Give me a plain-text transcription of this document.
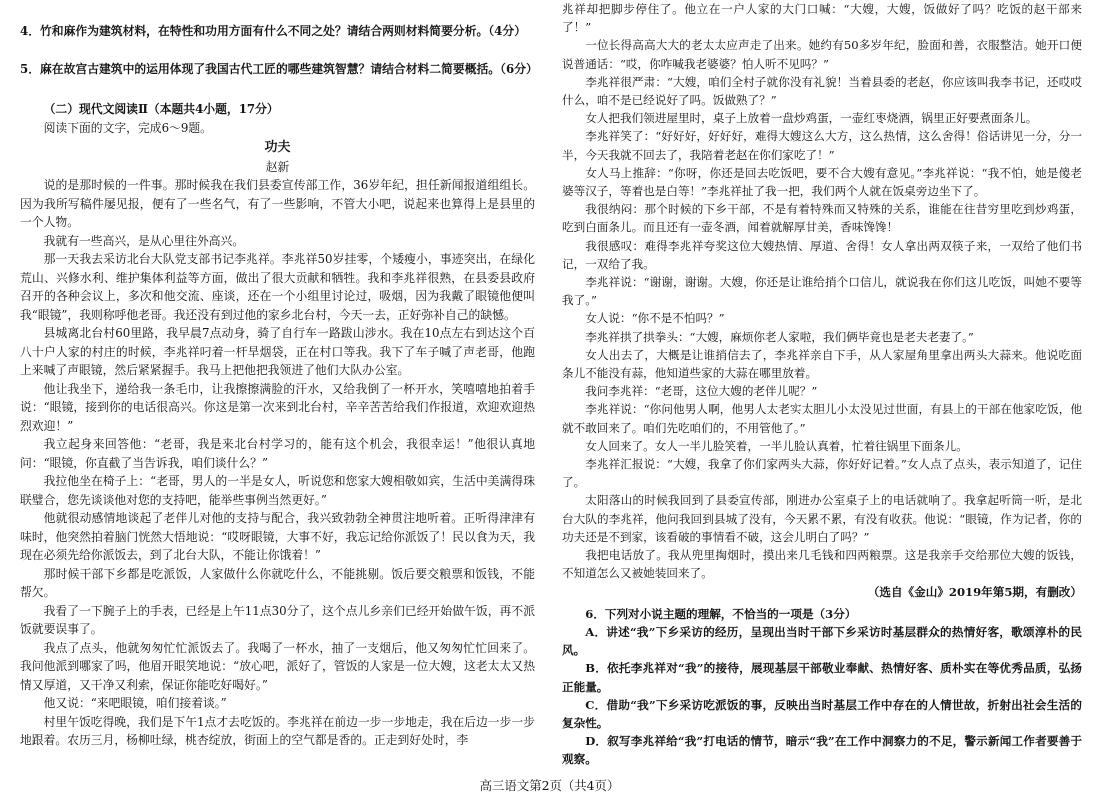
4．竹和麻作为建筑材料，在特性和功用方面有什么不同之处？请结合两则材料简要分析。（4分）

5．麻在故宫古建筑中的运用体现了我国古代工匠的哪些建筑智慧？请结合材料二简要概括。（6分）

（二）现代文阅读Ⅱ（本题共4小题，17分）

阅读下面的文字，完成6～9题。

功夫

赵新

说的是那时候的一件事。那时候我在我们县委宣传部工作，36岁年纪，担任新闻报道组组长。因为我所写稿件屡见报，便有了一些名气，有了一些影响，不管大小吧，说起来也算得上是县里的一个人物。

我就有一些高兴，是从心里往外高兴。

那一天我去采访北台大队党支部书记李兆祥。李兆祥50岁挂零，个矮瘦小，事迹突出，在绿化荒山、兴修水利、维护集体利益等方面，做出了很大贡献和牺牲。我和李兆祥很熟，在县委县政府召开的各种会议上，多次和他交流、座谈，还在一个小组里讨论过，吸烟，因为我戴了眼镜他便叫我“眼镜”，我则称呼他老哥。我还没有到过他的家乡北台村，今天一去，正好弥补自己的缺憾。

县城离北台村60里路，我早晨7点动身，骑了自行车一路跋山涉水。我在10点左右到达这个百八十户人家的村庄的时候，李兆祥叼着一杆旱烟袋，正在村口等我。我下了车子喊了声老哥，他跑上来喊了声眼镜，然后紧紧握手。我马上把他把我领进了他们大队办公室。

他让我坐下，递给我一条毛巾，让我擦擦满脸的汗水，又给我倒了一杯开水，笑嘻嘻地拍着手说：“眼镜，接到你的电话很高兴。你这是第一次来到北台村，辛辛苦苦给我们作报道，欢迎欢迎热烈欢迎！”

我立起身来回答他：“老哥，我是来北台村学习的，能有这个机会，我很幸运！”他很认真地问：“眼镜，你直截了当告诉我，咱们谈什么？”

我拉他坐在椅子上：“老哥，男人的一半是女人，听说您和您家大嫂相敬如宾，生活中美满得珠联璧合，您先谈谈他对您的支持吧，能举些事例当然更好。”

他就很动感情地谈起了老伴儿对他的支持与配合，我兴致勃勃全神贯注地听着。正听得津津有味时，他突然拍着脑门恍然大悟地说：“哎呀眼镜，大事不好，我忘记给你派饭了！民以食为天，我现在必须先给你派饭去，到了北台大队，不能让你饿着！”

那时候干部下乡都是吃派饭，人家做什么你就吃什么，不能挑剔。饭后要交粮票和饭钱，不能帮欠。

我看了一下腕子上的手表，已经是上午11点30分了，这个点儿乡亲们已经开始做午饭，再不派饭就要误事了。

我点了点头，他就匆匆忙忙派饭去了。我喝了一杯水，抽了一支烟后，他又匆匆忙忙回来了。我问他派到哪家了吗，他眉开眼笑地说：“放心吧，派好了，管饭的人家是一位大嫂，这老太太又热情又厚道，又干净又利索，保证你能吃好喝好。”

他又说：“来吧眼镜，咱们接着谈。”

村里午饭吃得晚，我们是下午1点才去吃饭的。李兆祥在前边一步一步地走，我在后边一步一步地跟着。农历三月，杨柳吐绿，桃杏绽放，街面上的空气都是香的。正走到好处时，李

兆祥却把脚步停住了。他立在一户人家的大门口喊：“大嫂，大嫂，饭做好了吗？吃饭的赵干部来了！”

一位长得高高大大的老太太应声走了出来。她约有50多岁年纪，脸面和善，衣服整洁。她开口便说普通话：“哎，你咋喊我老婆婆？怕人听不见吗？”

李兆祥很严肃：“大嫂，咱们全村子就你没有礼貌！当着县委的老赵，你应该叫我李书记，还哎哎什么，咱不是已经说好了吗。饭做熟了？”

女人把我们领进屋里时，桌子上放着一盘炒鸡蛋，一壶红枣烧酒，锅里正好要煮面条儿。

李兆祥笑了：“好好好，好好好，难得大嫂这么大方，这么热情，这么舍得！俗话讲见一分，分一半，今天我就不回去了，我陪着老赵在你们家吃了！”

女人马上推辞：“你呀，你还是回去吃饭吧，要不合大嫂有意见。”李兆祥说：“我不怕，她是傻老婆等汉子，等着也是白等！”李兆祥扯了我一把，我们两个人就在饭桌旁边坐下了。

我很纳闷：那个时候的下乡干部，不是有着特殊而又特殊的关系，谁能在往昔穷里吃到炒鸡蛋，吃到白面条儿。而且还有一壶冬酒，闻着就解厚甘美，香味馋馋！

我很感叹：难得李兆祥夸奖这位大嫂热情、厚道、舍得！女人拿出两双筷子来，一双给了他们书记，一双给了我。

李兆祥说：“谢谢，谢谢。大嫂，你还是让谁给捎个口信儿，就说我在你们这儿吃饭，叫她不要等我了。”

女人说：“你不是不怕吗？”

李兆祥拱了拱拳头：“大嫂，麻烦你老人家啦，我们俩毕竟也是老夫老妻了。”

女人出去了，大概是让谁捎信去了，李兆祥亲自下手，从人家屋角里拿出两头大蒜来。他说吃面条儿不能没有蒜，他知道些家的大蒜在哪里放着。

我问李兆祥：“老哥，这位大嫂的老伴儿呢？”

李兆祥说：“你问他男人啊，他男人太老实太胆儿小太没见过世面，有县上的干部在他家吃饭，他就不敢回来了。咱们先吃咱们的，不用管他了。”

女人回来了。女人一半儿脸笑着，一半儿脸认真着，忙着往锅里下面条儿。

李兆祥汇报说：“大嫂，我拿了你们家两头大蒜，你好好记着。”女人点了点头，表示知道了，记住了。

太阳落山的时候我回到了县委宣传部，刚进办公室桌子上的电话就响了。我拿起听筒一听，是北台大队的李兆祥，他问我回到县城了没有，今天累不累，有没有收获。他说：“眼镜，作为记者，你的功夫还是不到家，该看破的事情看不破，这会儿明白了吗？”

我把电话放了。我从兜里掏烟时，摸出来几毛钱和四两粮票。这是我亲手交给那位大嫂的饭钱，不知道怎么又被她装回来了。

（选自《金山》2019年第5期，有删改）

6．下列对小说主题的理解，不恰当的一项是（3分）

A．讲述“我”下乡采访的经历，呈现出当时干部下乡采访时基层群众的热情好客，歌颂淳朴的民风。

B．依托李兆祥对“我”的接待，展现基层干部敬业奉献、热情好客、质朴实在等优秀品质，弘扬正能量。

C．借助“我”下乡采访吃派饭的事，反映出当时基层工作中存在的人情世故，折射出社会生活的复杂性。

D．叙写李兆祥给“我”打电话的情节，暗示“我”在工作中洞察力的不足，警示新闻工作者要善于观察。

高三语文第2页（共4页）
